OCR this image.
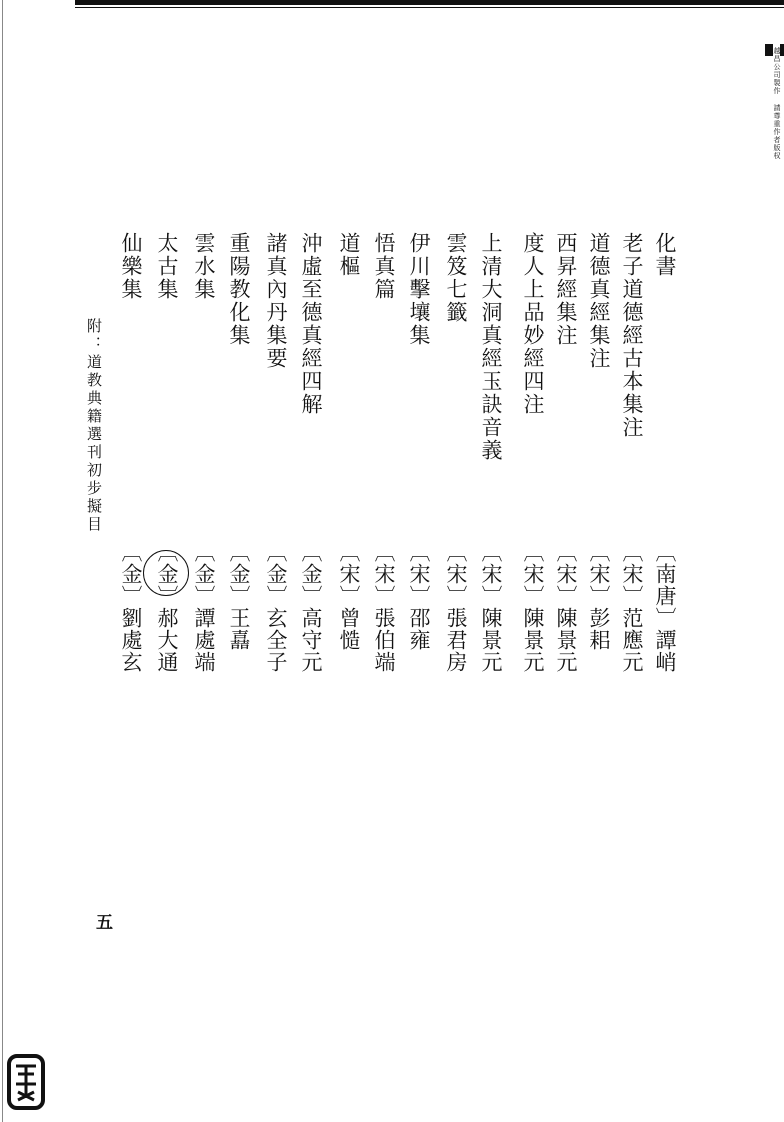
越昌公司製作 請尊重作者版权
化書
老子道德經古本集注
道德真經集注
西昇經集注
度人上品妙經四注
上清大洞真經玉訣音義
雲笈七籤
伊川擊壤集
悟真篇
道樞
沖虛至德真經四解
諸真內丹集要
重陽教化集
雲水集
太古集
仙樂集
〔南唐〕譚峭
〔宋〕范應元
〔宋〕彭耜
〔宋〕陳景元
〔宋〕陳景元
〔宋〕陳景元
〔宋〕張君房
〔宋〕邵雍
〔宋〕張伯端
〔宋〕曾慥
〔金〕高守元
〔金〕玄全子
〔金〕王嚞
〔金〕譚處端
〔金〕郝大通
〔金〕劉處玄
附：道教典籍選刊初步擬目
五
